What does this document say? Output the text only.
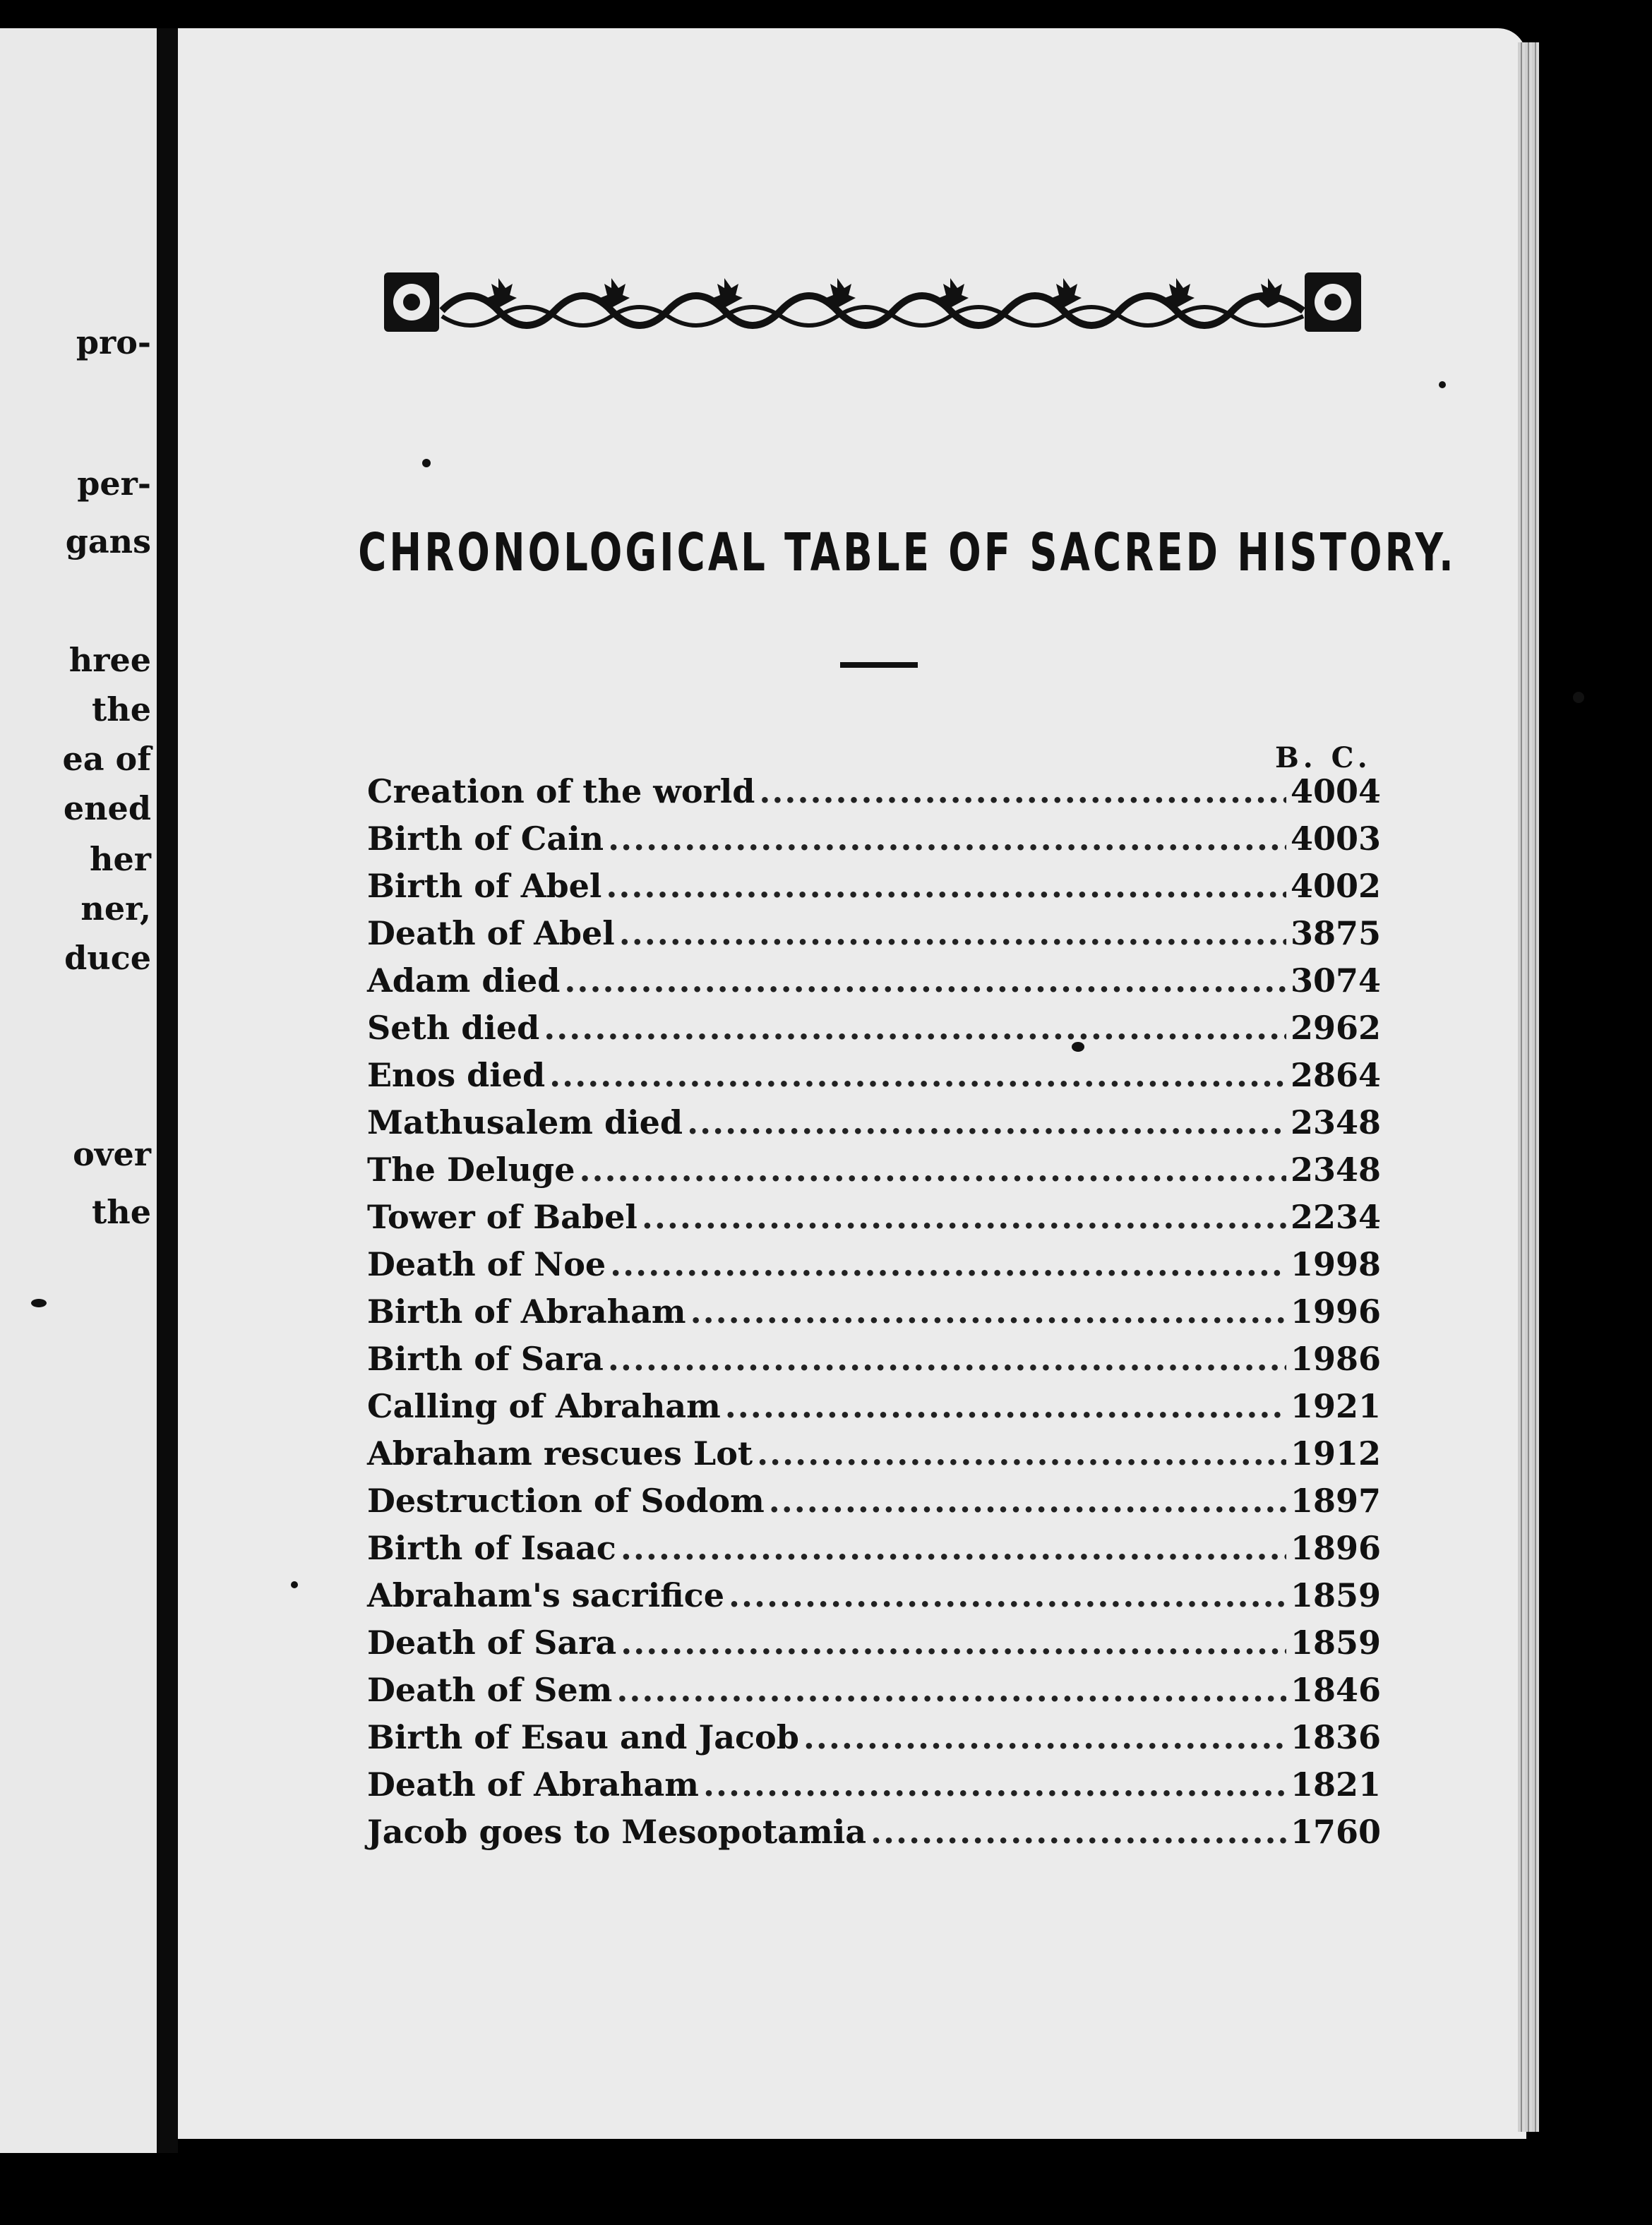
pro-
per-
gans
hree
the
ea of
ened
her
ner,
duce
over
the
CHRONOLOGICAL TABLE OF SACRED HISTORY.
B. C.
Creation of the world .....	4004
Birth of Cain .....	4003
Birth of Abel .....	4002
Death of Abel .....	3875
Adam died .....	3074
Seth died .....	2962
Enos died .....	2864
Mathusalem died .....	2348
The Deluge .....	2348
Tower of Babel .....	2234
Death of Noe .....	1998
Birth of Abraham .....	1996
Birth of Sara .....	1986
Calling of Abraham .....	1921
Abraham rescues Lot .....	1912
Destruction of Sodom .....	1897
Birth of Isaac .....	1896
Abraham's sacrifice .....	1859
Death of Sara .....	1859
Death of Sem .....	1846
Birth of Esau and Jacob .....	1836
Death of Abraham .....	1821
Jacob goes to Mesopotamia .....	1760
